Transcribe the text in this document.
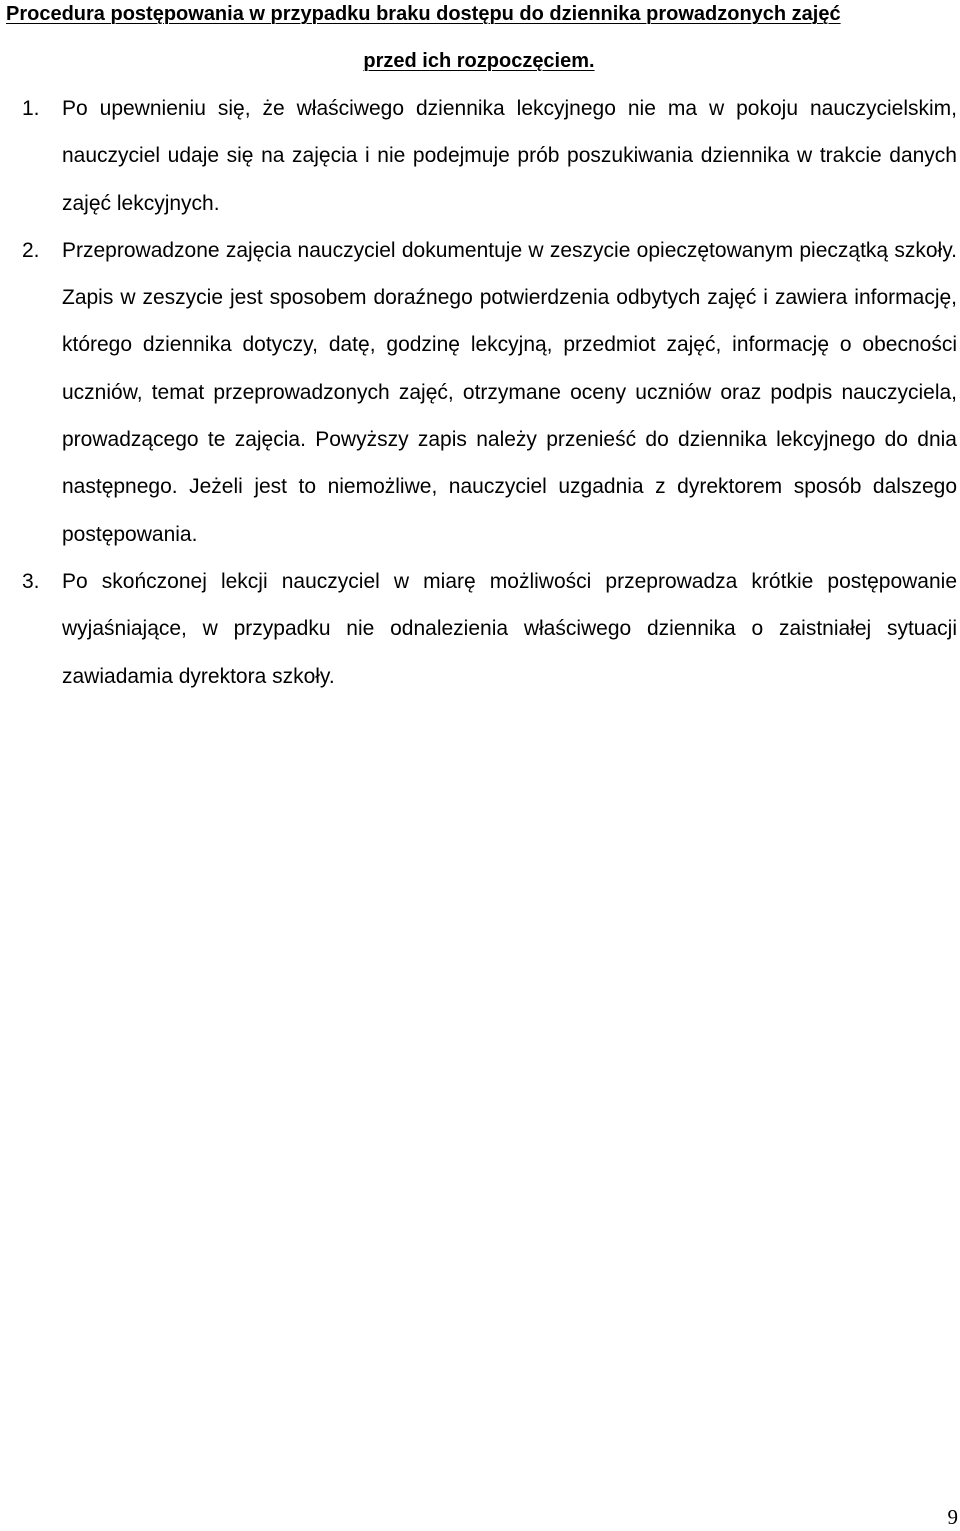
Procedura postępowania w przypadku braku dostępu do dziennika prowadzonych zajęć
przed ich rozpoczęciem.
1. Po upewnieniu się, że właściwego dziennika lekcyjnego nie ma w pokoju nauczycielskim, nauczyciel udaje się na zajęcia i nie podejmuje prób poszukiwania dziennika w trakcie danych zajęć lekcyjnych.
2. Przeprowadzone zajęcia nauczyciel dokumentuje w zeszycie opieczętowanym pieczątką szkoły. Zapis w zeszycie jest sposobem doraźnego potwierdzenia odbytych zajęć i zawiera informację, którego dziennika dotyczy, datę, godzinę lekcyjną, przedmiot zajęć, informację o obecności uczniów, temat przeprowadzonych zajęć, otrzymane oceny uczniów oraz podpis nauczyciela, prowadzącego te zajęcia. Powyższy zapis należy przenieść do dziennika lekcyjnego do dnia następnego. Jeżeli jest to niemożliwe, nauczyciel uzgadnia z dyrektorem sposób dalszego postępowania.
3. Po skończonej lekcji nauczyciel w miarę możliwości przeprowadza krótkie postępowanie wyjaśniające, w przypadku nie odnalezienia właściwego dziennika o zaistniałej sytuacji zawiadamia dyrektora szkoły.
9
